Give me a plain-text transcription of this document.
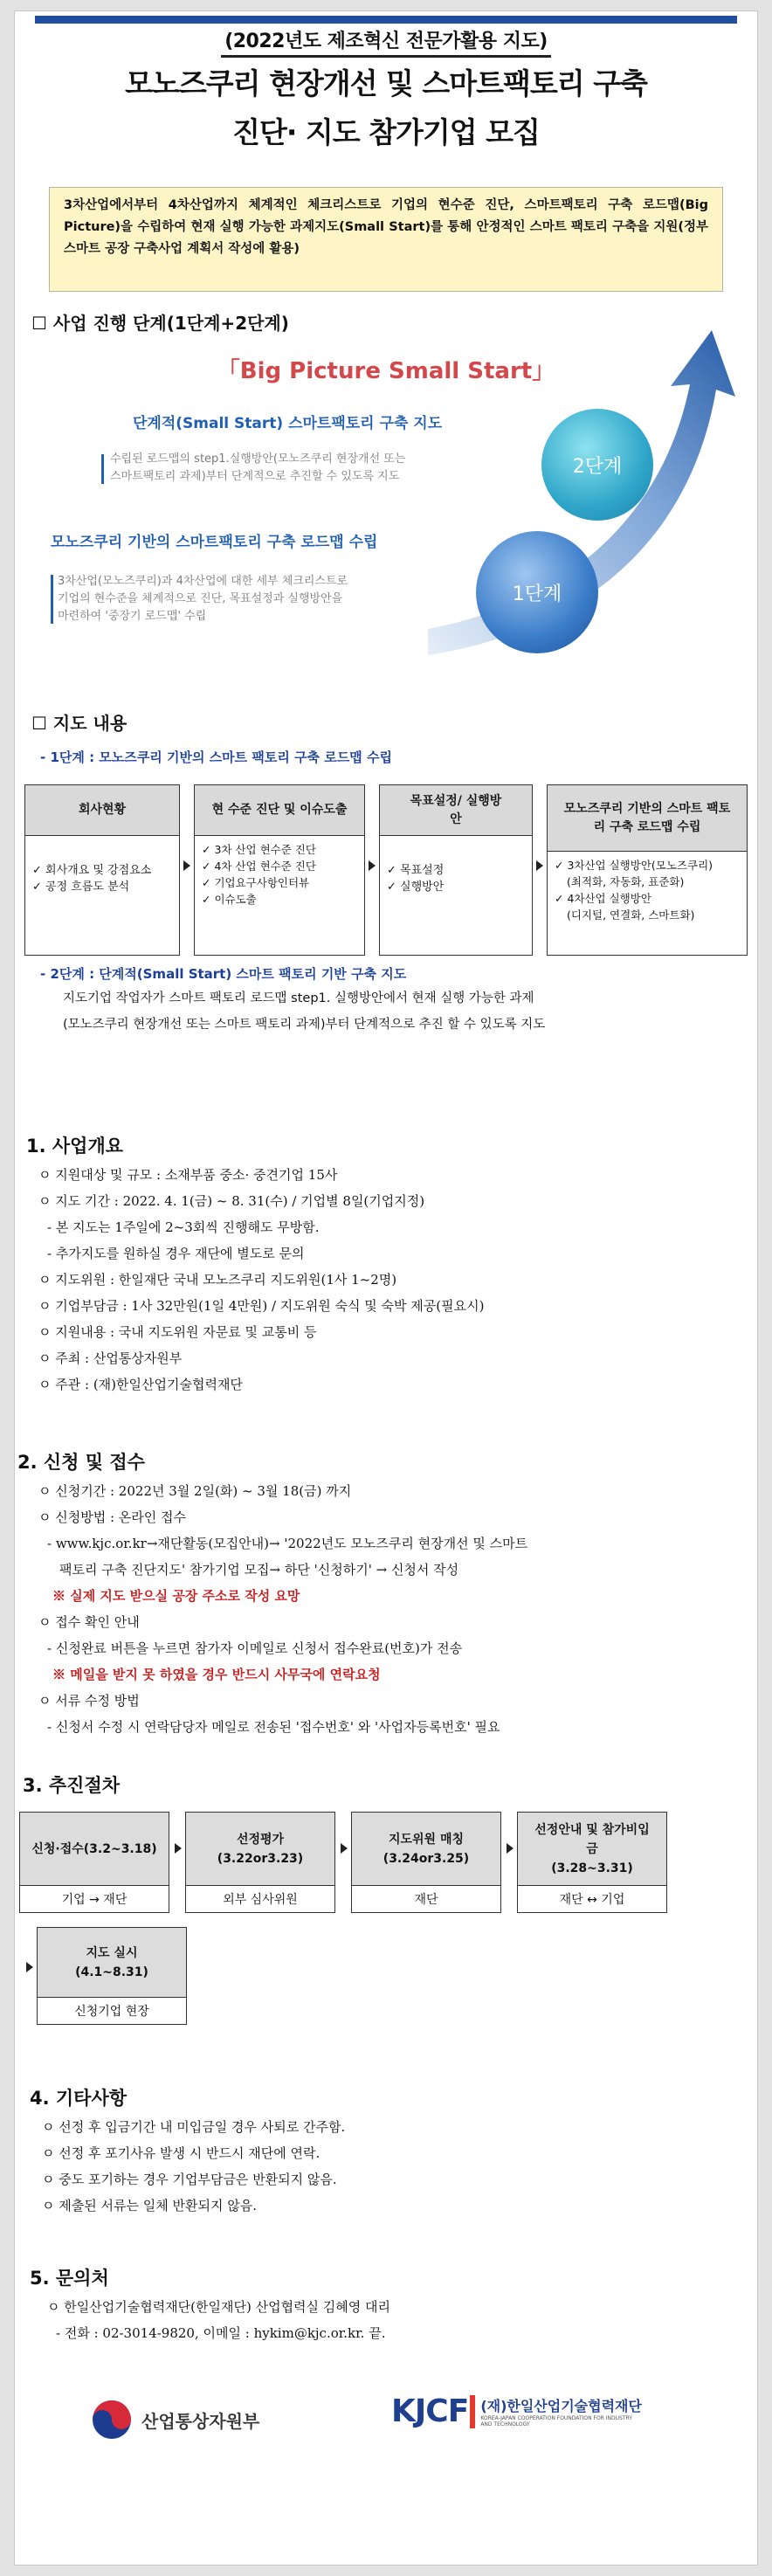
(2022년도 제조혁신 전문가활용 지도)
모노즈쿠리 현장개선 및 스마트팩토리 구축
진단· 지도 참가기업 모집
3차산업에서부터 4차산업까지 체계적인 체크리스트로 기업의 현수준 진단, 스마트팩토리 구축 로드맵(Big Picture)을 수립하여 현재 실행 가능한 과제지도(Small Start)를 통해 안정적인 스마트 팩토리 구축을 지원(정부 스마트 공장 구축사업 계획서 작성에 활용)
☐ 사업 진행 단계(1단계+2단계)
「Big Picture Small Start」
2단계
1단계
단계적(Small Start) 스마트팩토리 구축 지도
수립된 로드맵의 step1.실행방안(모노즈쿠리 현장개선 또는
스마트팩토리 과제)부터 단계적으로 추진할 수 있도록 지도
모노즈쿠리 기반의 스마트팩토리 구축 로드맵 수립
3차산업(모노즈쿠리)과 4차산업에 대한 세부 체크리스트로
기업의 현수준을 체계적으로 진단, 목표설정과 실행방안을
마련하여 '중장기 로드맵' 수립
☐ 지도 내용
- 1단계 : 모노즈쿠리 기반의 스마트 팩토리 구축 로드맵 수립
회사현황
✓ 회사개요 및 강점요소
✓ 공정 흐름도 분석
현 수준 진단 및 이슈도출
✓ 3차 산업 현수준 진단
✓ 4차 산업 현수준 진단
✓ 기업요구사항인터뷰
✓ 이슈도출
목표설정/ 실행방안
✓ 목표설정
✓ 실행방안
모노즈쿠리 기반의 스마트 팩토리 구축 로드맵 수립
✓ 3차산업 실행방안(모노즈쿠리)
(최적화, 자동화, 표준화)
✓ 4차산업 실행방안
(디지털, 연결화, 스마트화)
- 2단계 : 단계적(Small Start) 스마트 팩토리 기반 구축 지도
지도기업 작업자가 스마트 팩토리 로드맵 step1. 실행방안에서 현재 실행 가능한 과제
(모노즈쿠리 현장개선 또는 스마트 팩토리 과제)부터 단계적으로 추진 할 수 있도록 지도
1. 사업개요

ㅇ 지원대상 및 규모 : 소재부품 중소· 중견기업 15사

ㅇ 지도 기간 : 2022. 4. 1(금) ~ 8. 31(수) / 기업별 8일(기업지정)

- 본 지도는 1주일에 2~3회씩 진행해도 무방함.

- 추가지도를 원하실 경우 재단에 별도로 문의

ㅇ 지도위원 : 한일재단 국내 모노즈쿠리 지도위원(1사 1~2명)

ㅇ 기업부담금 : 1사 32만원(1일 4만원) / 지도위원 숙식 및 숙박 제공(필요시)

ㅇ 지원내용 : 국내 지도위원 자문료 및 교통비 등

ㅇ 주최 : 산업통상자원부

ㅇ 주관 : (재)한일산업기술협력재단

2. 신청 및 접수

ㅇ 신청기간 : 2022년 3월 2일(화) ~ 3월 18(금) 까지

ㅇ 신청방법 : 온라인 접수

- www.kjc.or.kr→재단활동(모집안내)→ '2022년도 모노즈쿠리 현장개선 및 스마트

팩토리 구축 진단지도' 참가기업 모집→ 하단 '신청하기' → 신청서 작성

※ 실제 지도 받으실 공장 주소로 작성 요망

ㅇ 접수 확인 안내

- 신청완료 버튼을 누르면 참가자 이메일로 신청서 접수완료(번호)가 전송

※ 메일을 받지 못 하였을 경우 반드시 사무국에 연락요청

ㅇ 서류 수정 방법

- 신청서 수정 시 연락담당자 메일로 전송된 '접수번호' 와 '사업자등록번호' 필요

3. 추진절차
신청·접수(3.2~3.18)
기업 → 재단
선정평가
(3.22or3.23)
외부 심사위원
지도위원 매칭
(3.24or3.25)
재단
선정안내 및 참가비입금
(3.28~3.31)
재단 ↔ 기업
지도 실시
(4.1~8.31)
신청기업 현장
4. 기타사항

ㅇ 선정 후 입금기간 내 미입금일 경우 사퇴로 간주함.

ㅇ 선정 후 포기사유 발생 시 반드시 재단에 연락.

ㅇ 중도 포기하는 경우 기업부담금은 반환되지 않음.

ㅇ 제출된 서류는 일체 반환되지 않음.

5. 문의처

ㅇ 한일산업기술협력재단(한일재단) 산업협력실 김혜영 대리

- 전화 : 02-3014-9820, 이메일 : hykim@kjc.or.kr. 끝.

산업통상자원부	KJCF (재)한일산업기술협력재단
KOREA-JAPAN COOPERATION FOUNDATION FOR INDUSTRY AND TECHNOLOGY
